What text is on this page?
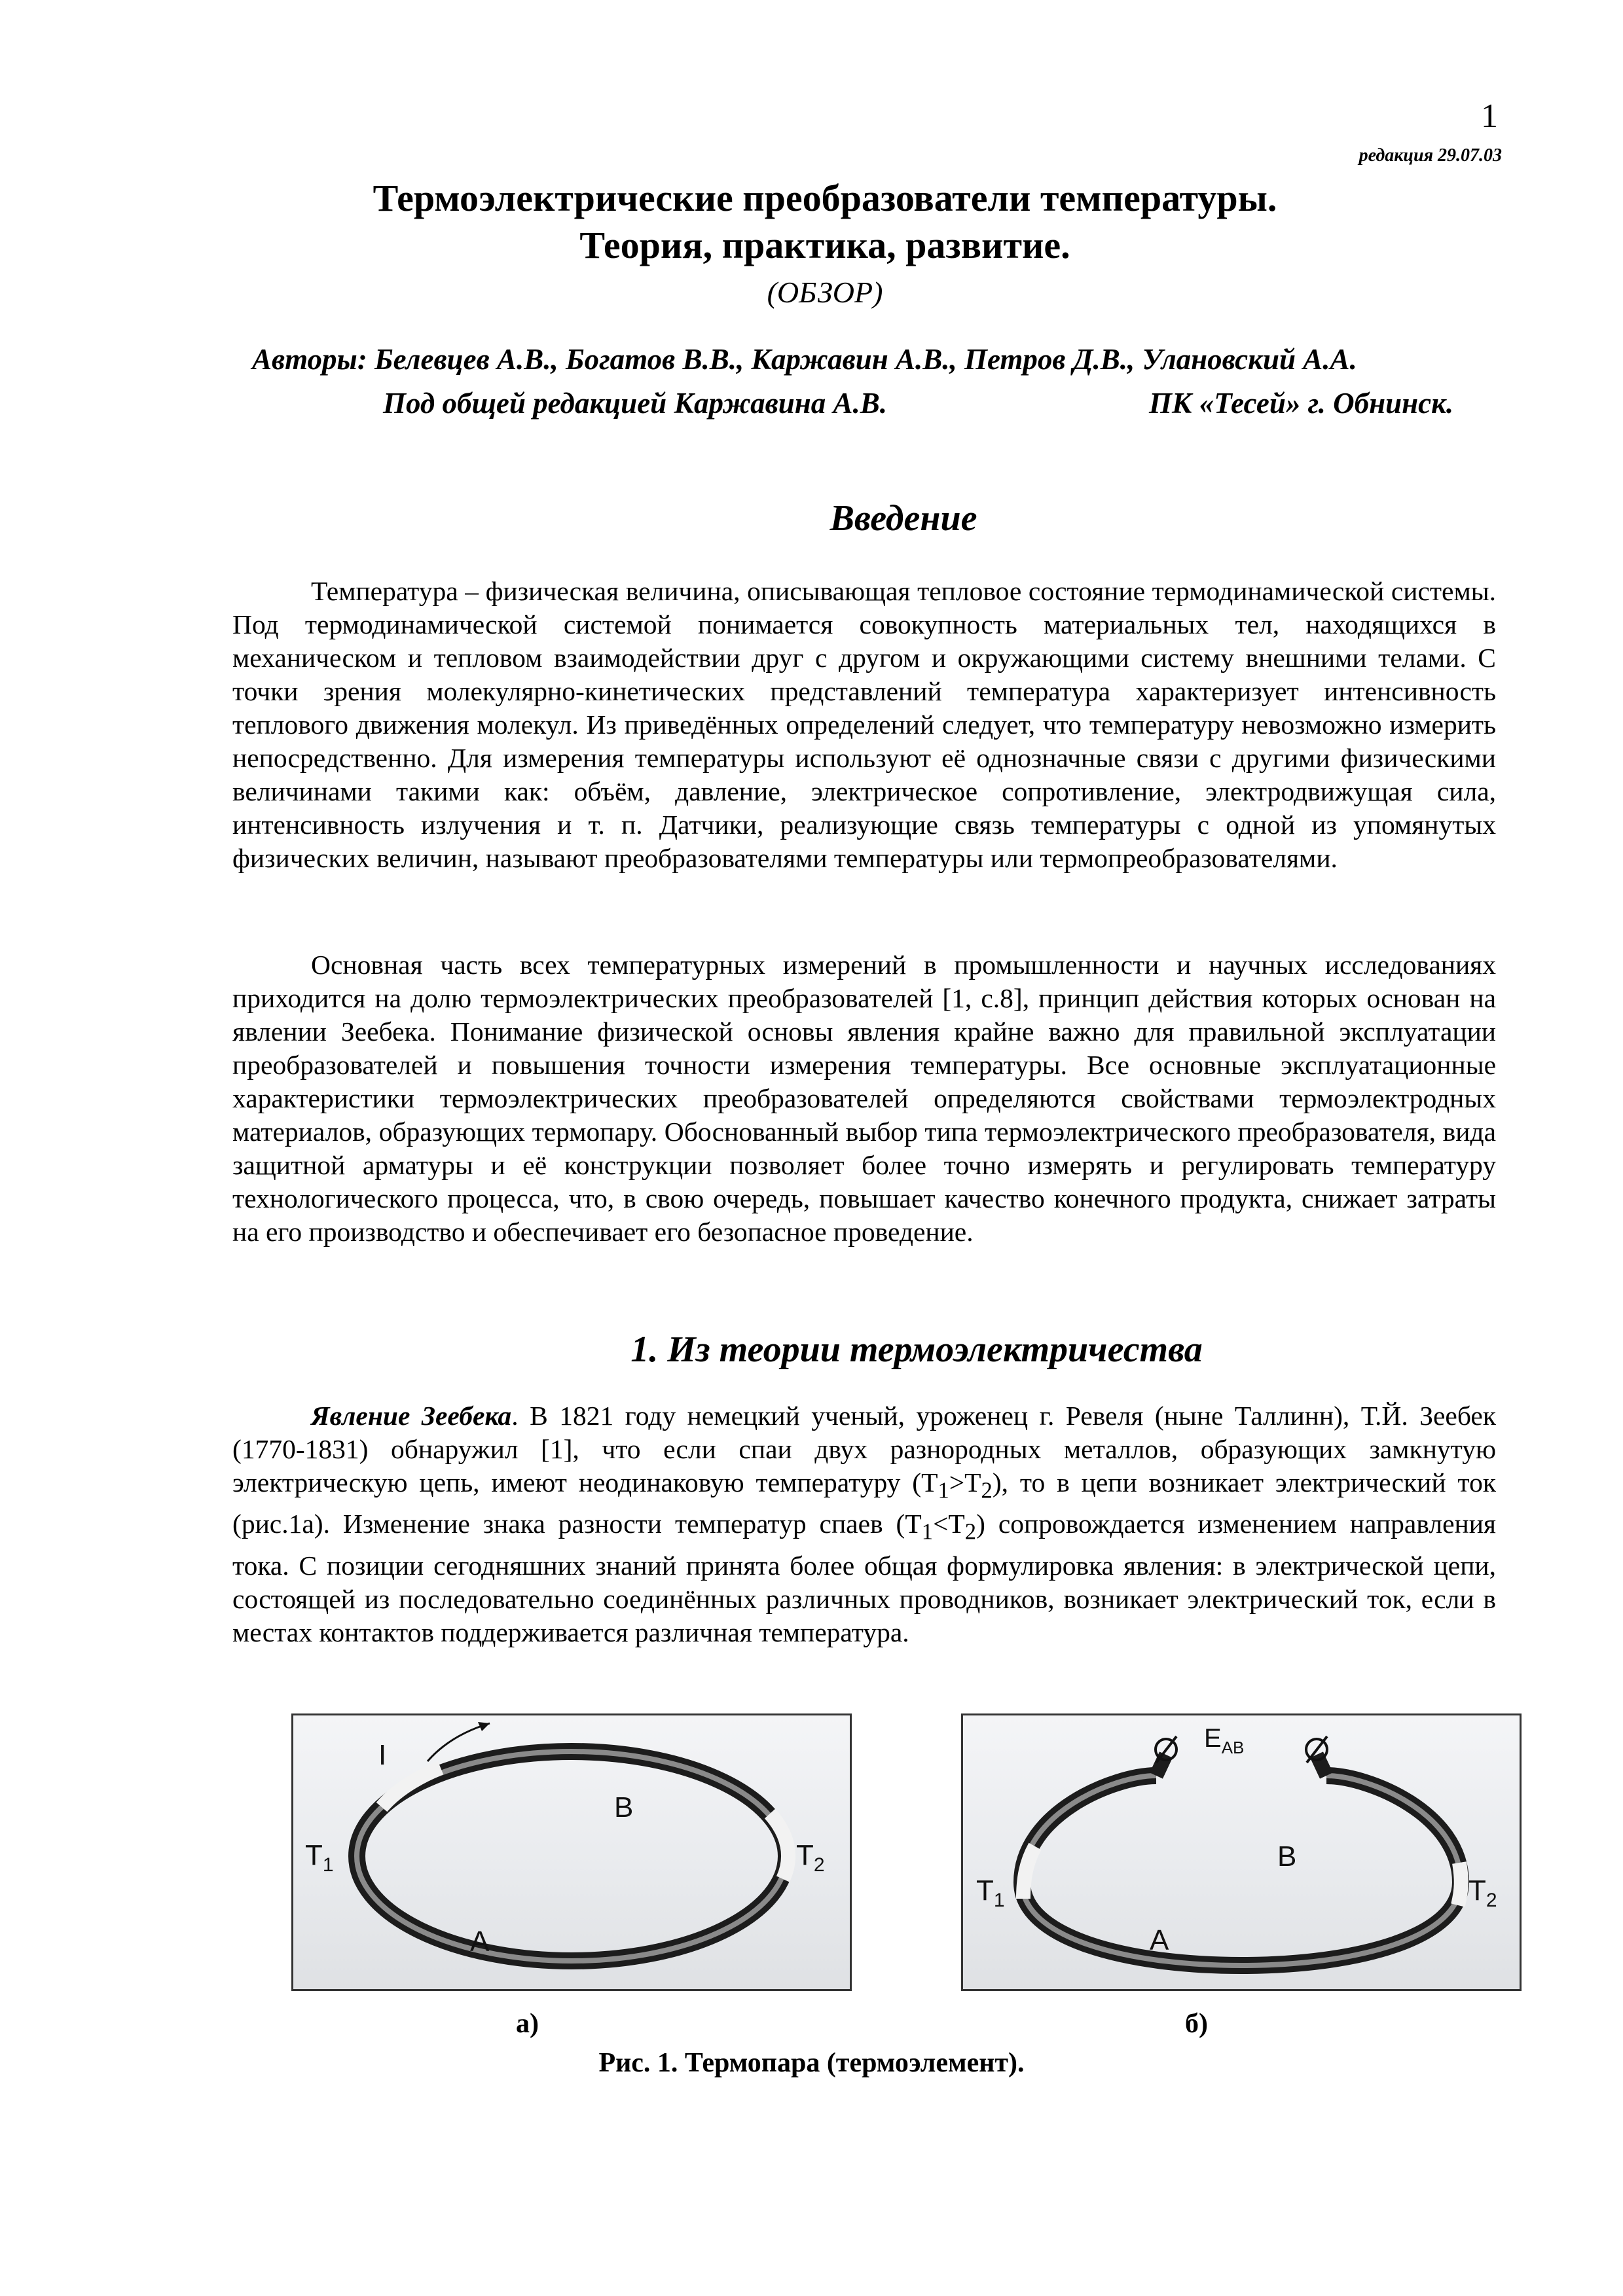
1
редакция 29.07.03
Термоэлектрические преобразователи температуры.
Теория, практика, развитие.
(ОБЗОР)
Авторы: Белевцев А.В., Богатов В.В., Каржавин А.В., Петров Д.В., Улановский А.А.
Под общей редакцией Каржавина А.В.	ПК «Тесей» г. Обнинск.
Введение

Температура – физическая величина, описывающая тепловое состояние термодинамической системы. Под термодинамической системой понимается совокупность материальных тел, находящихся в механическом и тепловом взаимодействии друг с другом и окружающими систему внешними телами. С точки зрения молекулярно-кинетических представлений температура характеризует интенсивность теплового движения молекул. Из приведённых определений следует, что температуру невозможно измерить непосредственно. Для измерения температуры используют её однозначные связи с другими физическими величинами такими как: объём, давление, электрическое сопротивление, электродвижущая сила, интенсивность излучения и т. п. Датчики, реализующие связь температуры с одной из упомянутых физических величин, называют преобразователями температуры или термопреобразователями.

Основная часть всех температурных измерений в промышленности и научных исследованиях приходится на долю термоэлектрических преобразователей [1, с.8], принцип действия которых основан на явлении Зеебека. Понимание физической основы явления крайне важно для правильной эксплуатации преобразователей и повышения точности измерения температуры. Все основные эксплуатационные характеристики термоэлектрических преобразователей определяются свойствами термоэлектродных материалов, образующих термопару. Обоснованный выбор типа термоэлектрического преобразователя, вида защитной арматуры и её конструкции позволяет более точно измерять и регулировать температуру технологического процесса, что, в свою очередь, повышает качество конечного продукта, снижает затраты на его производство и обеспечивает его безопасное проведение.

1. Из теории термоэлектричества

Явление Зеебека. В 1821 году немецкий ученый, уроженец г. Ревеля (ныне Таллинн), Т.Й. Зеебек (1770-1831) обнаружил [1], что если спаи двух разнородных металлов, образующих замкнутую электрическую цепь, имеют неодинаковую температуру $(T_1>T_2)$, то в цепи возникает электрический ток (рис.1а). Изменение знака разности температур спаев $(T_1<T_2)$ сопровождается изменением направления тока. С позиции сегодняшних знаний принята более общая формулировка явления: в электрической цепи, состоящей из последовательно соединённых различных проводников, возникает электрический ток, если в местах контактов поддерживается различная температура.

I
B
A
$T_1$	$T_2$
$E_{AB}$
B
A
$T_1$	$T_2$
а)	б)
Рис. 1. Термопара (термоэлемент).
